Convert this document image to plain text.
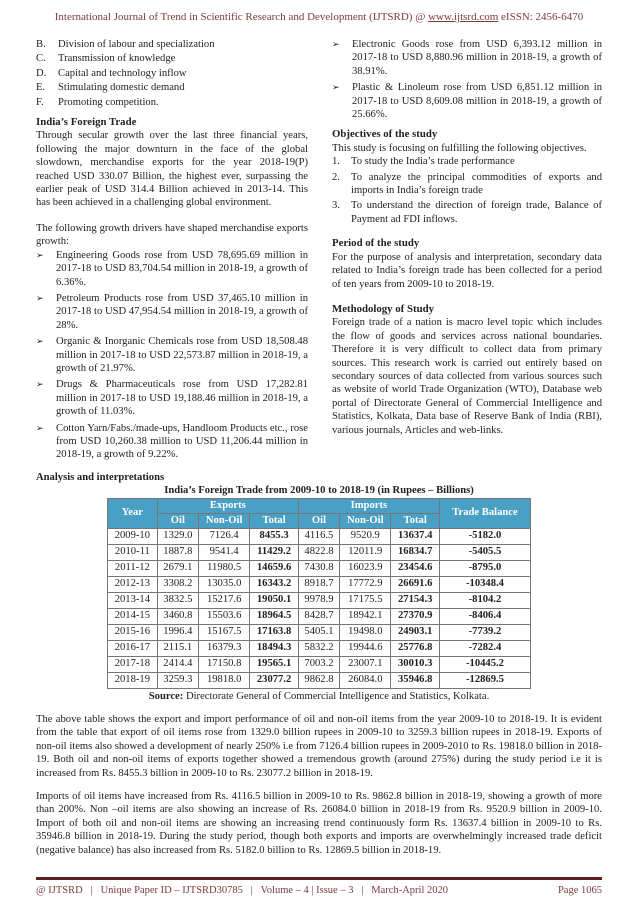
International Journal of Trend in Scientific Research and Development (IJTSRD) @ www.ijtsrd.com eISSN: 2456-6470
B.	Division of labour and specialization
C.	Transmission of knowledge
D.	Capital and technology inflow
E.	Stimulating domestic demand
F.	Promoting competition.
India’s Foreign Trade

Through secular growth over the last three financial years, following the major downturn in the face of the global slowdown, merchandise exports for the year 2018-19(P) reached USD 330.07 Billion, the highest ever, surpassing the earlier peak of USD 314.4 Billion achieved in 2013-14. This has been achieved in a challenging global environment.

The following growth drivers have shaped merchandise exports growth:

➢	Engineering Goods rose from USD 78,695.69 million in 2017-18 to USD 83,704.54 million in 2018-19, a growth of 6.36%.
➢	Petroleum Products rose from USD 37,465.10 million in 2017-18 to USD 47,954.54 million in 2018-19, a growth of 28%.
➢	Organic & Inorganic Chemicals rose from USD 18,508.48 million in 2017-18 to USD 22,573.87 million in 2018-19, a growth of 21.97%.
➢	Drugs & Pharmaceuticals rose from USD 17,282.81 million in 2017-18 to USD 19,188.46 million in 2018-19, a growth of 11.03%.
➢	Cotton Yarn/Fabs./made-ups, Handloom Products etc., rose from USD 10,260.38 million to USD 11,206.44 million in 2018-19, a growth of 9.22%.
➢	Electronic Goods rose from USD 6,393.12 million in 2017-18 to USD 8,880.96 million in 2018-19, a growth of 38.91%.
➢	Plastic & Linoleum rose from USD 6,851.12 million in 2017-18 to USD 8,609.08 million in 2018-19, a growth of 25.66%.
Objectives of the study

This study is focusing on fulfilling the following objectives.

1.	To study the India’s trade performance
2.	To analyze the principal commodities of exports and imports in India’s foreign trade
3.	To understand the direction of foreign trade, Balance of Payment ad FDI inflows.
Period of the study

For the purpose of analysis and interpretation, secondary data related to India’s foreign trade has been collected for a period of ten years from 2009-10 to 2018-19.

Methodology of Study

Foreign trade of a nation is macro level topic which includes the flow of goods and services across national boundaries. Therefore it is very difficult to collect data from primary sources. This research work is carried out entirely based on secondary sources of data collected from various sources such as website of world Trade Organization (WTO), Database web portal of Directorate General of Commercial Intelligence and Statistics, Kolkata, Data base of Reserve Bank of India (RBI), various journals, Articles and web-links.

Analysis and interpretations
India’s Foreign Trade from 2009-10 to 2018-19 (in Rupees – Billions)
Year	Exports			Imports			Trade Balance
	Oil	Non-Oil	Total	Oil	Non-Oil	Total	
2009-10	1329.0	7126.4	8455.3	4116.5	9520.9	13637.4	-5182.0
2010-11	1887.8	9541.4	11429.2	4822.8	12011.9	16834.7	-5405.5
2011-12	2679.1	11980.5	14659.6	7430.8	16023.9	23454.6	-8795.0
2012-13	3308.2	13035.0	16343.2	8918.7	17772.9	26691.6	-10348.4
2013-14	3832.5	15217.6	19050.1	9978.9	17175.5	27154.3	-8104.2
2014-15	3460.8	15503.6	18964.5	8428.7	18942.1	27370.9	-8406.4
2015-16	1996.4	15167.5	17163.8	5405.1	19498.0	24903.1	-7739.2
2016-17	2115.1	16379.3	18494.3	5832.2	19944.6	25776.8	-7282.4
2017-18	2414.4	17150.8	19565.1	7003.2	23007.1	30010.3	-10445.2
2018-19	3259.3	19818.0	23077.2	9862.8	26084.0	35946.8	-12869.5
Source: Directorate General of Commercial Intelligence and Statistics, Kolkata.

The above table shows the export and import performance of oil and non-oil items from the year 2009-10 to 2018-19. It is evident from the table that export of oil items rose from 1329.0 billion rupees in 2009-10 to 3259.3 billion rupees in 2018-19. Exports of non-oil items also showed a development of nearly 250% i.e from 7126.4 billion rupees in 2009-2010 to Rs. 19818.0 billion in 2018-19. Both oil and non-oil items of exports together showed a tremendous growth (around 275%) during the study period i.e it is increased from Rs. 8455.3 billion in 2009-10 to Rs. 23077.2 billion in 2018-19.

Imports of oil items have increased from Rs. 4116.5 billion in 2009-10 to Rs. 9862.8 billion in 2018-19, showing a growth of more than 200%. Non –oil items are also showing an increase of Rs. 26084.0 billion in 2018-19 from Rs. 9520.9 billion in 2009-10. Import of both oil and non-oil items are showing an increasing trend continuously form Rs. 13637.4 billion in 2009-10 to Rs. 35946.8 billion in 2018-19. During the study period, though both exports and imports are overwhelmingly increased trade deficit (negative balance) has also increased from Rs. 5182.0 billion to Rs. 12869.5 billion in 2018-19.

@ IJTSRD   |   Unique Paper ID – IJTSRD30785   |   Volume – 4 | Issue – 3   |   March-April 2020	Page 1065
